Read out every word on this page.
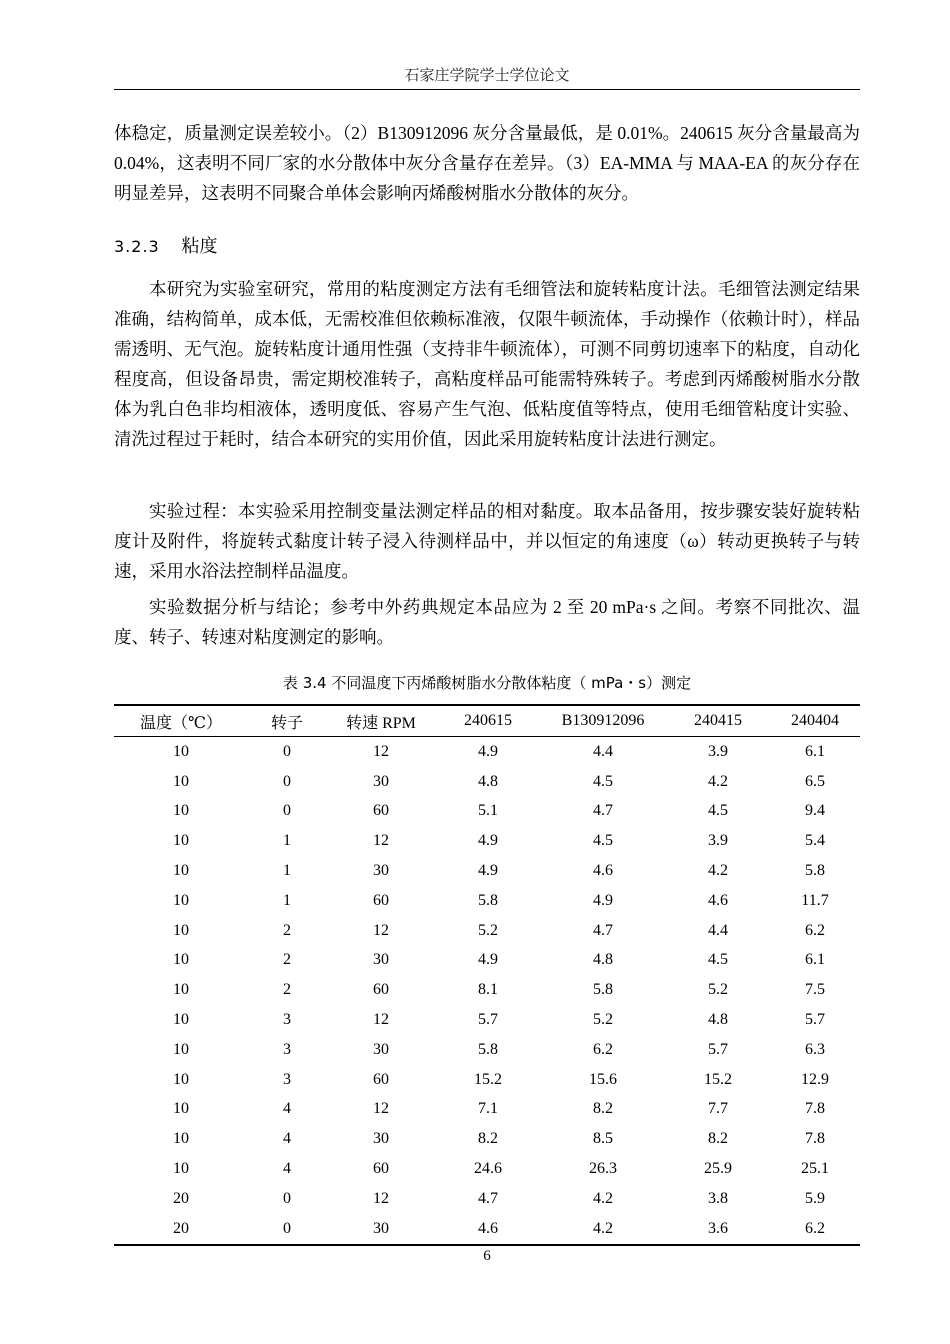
石家庄学院学士学位论文
体稳定，质量测定误差较小。（2）B130912096 灰分含量最低，是 0.01%。240615 灰分含量最高为 0.04%，这表明不同厂家的水分散体中灰分含量存在差异。（3）EA-MMA 与 MAA-EA 的灰分存在明显差异，这表明不同聚合单体会影响丙烯酸树脂水分散体的灰分。
3.2.3 粘度
本研究为实验室研究，常用的粘度测定方法有毛细管法和旋转粘度计法。毛细管法测定结果准确，结构简单，成本低，无需校准但依赖标准液，仅限牛顿流体，手动操作（依赖计时），样品需透明、无气泡。旋转粘度计通用性强（支持非牛顿流体），可测不同剪切速率下的粘度，自动化程度高，但设备昂贵，需定期校准转子，高粘度样品可能需特殊转子。考虑到丙烯酸树脂水分散体为乳白色非均相液体，透明度低、容易产生气泡、低粘度值等特点，使用毛细管粘度计实验、清洗过程过于耗时，结合本研究的实用价值，因此采用旋转粘度计法进行测定。
实验过程：本实验采用控制变量法测定样品的相对黏度。取本品备用，按步骤安装好旋转粘度计及附件，将旋转式黏度计转子浸入待测样品中，并以恒定的角速度（ω）转动更换转子与转速，采用水浴法控制样品温度。
实验数据分析与结论；参考中外药典规定本品应为 2 至 20 mPa·s 之间。考察不同批次、温度、转子、转速对粘度测定的影响。
表 3.4 不同温度下丙烯酸树脂水分散体粘度（ mPa・s）测定
温度（℃）	转子	转速 RPM	240615	B130912096	240415	240404
10	0	12	4.9	4.4	3.9	6.1
10	0	30	4.8	4.5	4.2	6.5
10	0	60	5.1	4.7	4.5	9.4
10	1	12	4.9	4.5	3.9	5.4
10	1	30	4.9	4.6	4.2	5.8
10	1	60	5.8	4.9	4.6	11.7
10	2	12	5.2	4.7	4.4	6.2
10	2	30	4.9	4.8	4.5	6.1
10	2	60	8.1	5.8	5.2	7.5
10	3	12	5.7	5.2	4.8	5.7
10	3	30	5.8	6.2	5.7	6.3
10	3	60	15.2	15.6	15.2	12.9
10	4	12	7.1	8.2	7.7	7.8
10	4	30	8.2	8.5	8.2	7.8
10	4	60	24.6	26.3	25.9	25.1
20	0	12	4.7	4.2	3.8	5.9
20	0	30	4.6	4.2	3.6	6.2
6
